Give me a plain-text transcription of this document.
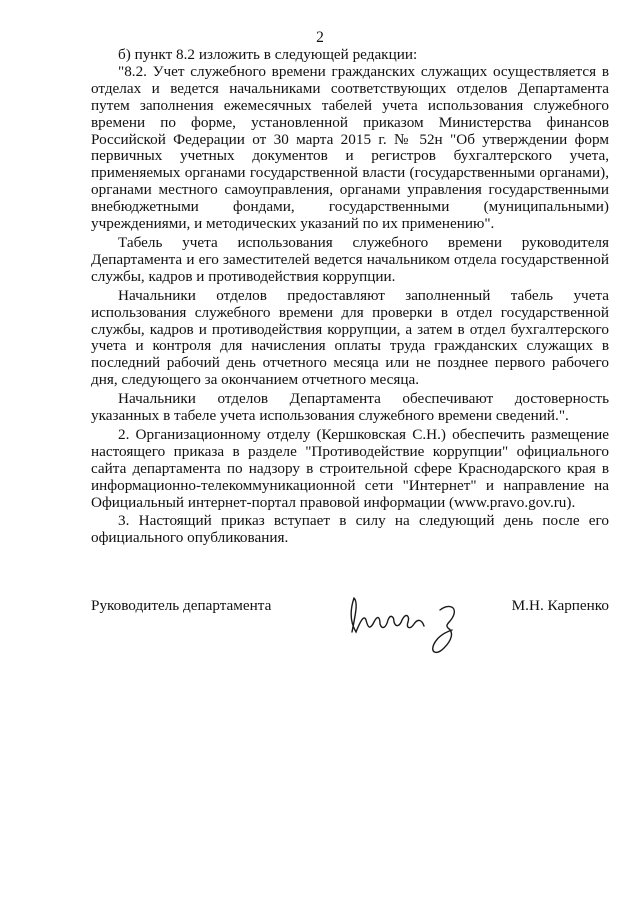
2

б) пункт 8.2 изложить в следующей редакции:

"8.2. Учет служебного времени гражданских служащих осуществляется в отделах и ведется начальниками соответствующих отделов Департамента путем заполнения ежемесячных табелей учета использования служебного времени по форме, установленной приказом Министерства финансов Российской Федерации от 30 марта 2015 г. № 52н "Об утверждении форм первичных учетных документов и регистров бухгалтерского учета, применяемых органами государственной власти (государственными органами), органами местного самоуправления, органами управления государственными внебюджетными фондами, государственными (муниципальными) учреждениями, и методических указаний по их применению".

Табель учета использования служебного времени руководителя Департамента и его заместителей ведется начальником отдела государственной службы, кадров и противодействия коррупции.

Начальники отделов предоставляют заполненный табель учета использования служебного времени для проверки в отдел государственной службы, кадров и противодействия коррупции, а затем в отдел бухгалтерского учета и контроля для начисления оплаты труда гражданских служащих в последний рабочий день отчетного месяца или не позднее первого рабочего дня, следующего за окончанием отчетного месяца.

Начальники отделов Департамента обеспечивают достоверность указанных в табеле учета использования служебного времени сведений.".

2. Организационному отделу (Кершковская С.Н.) обеспечить размещение настоящего приказа в разделе "Противодействие коррупции" официального сайта департамента по надзору в строительной сфере Краснодарского края в информационно-телекоммуникационной сети "Интернет" и направление на Официальный интернет-портал правовой информации (www.pravo.gov.ru).

3. Настоящий приказ вступает в силу на следующий день после его официального опубликования.

Руководитель департамента	М.Н. Карпенко
